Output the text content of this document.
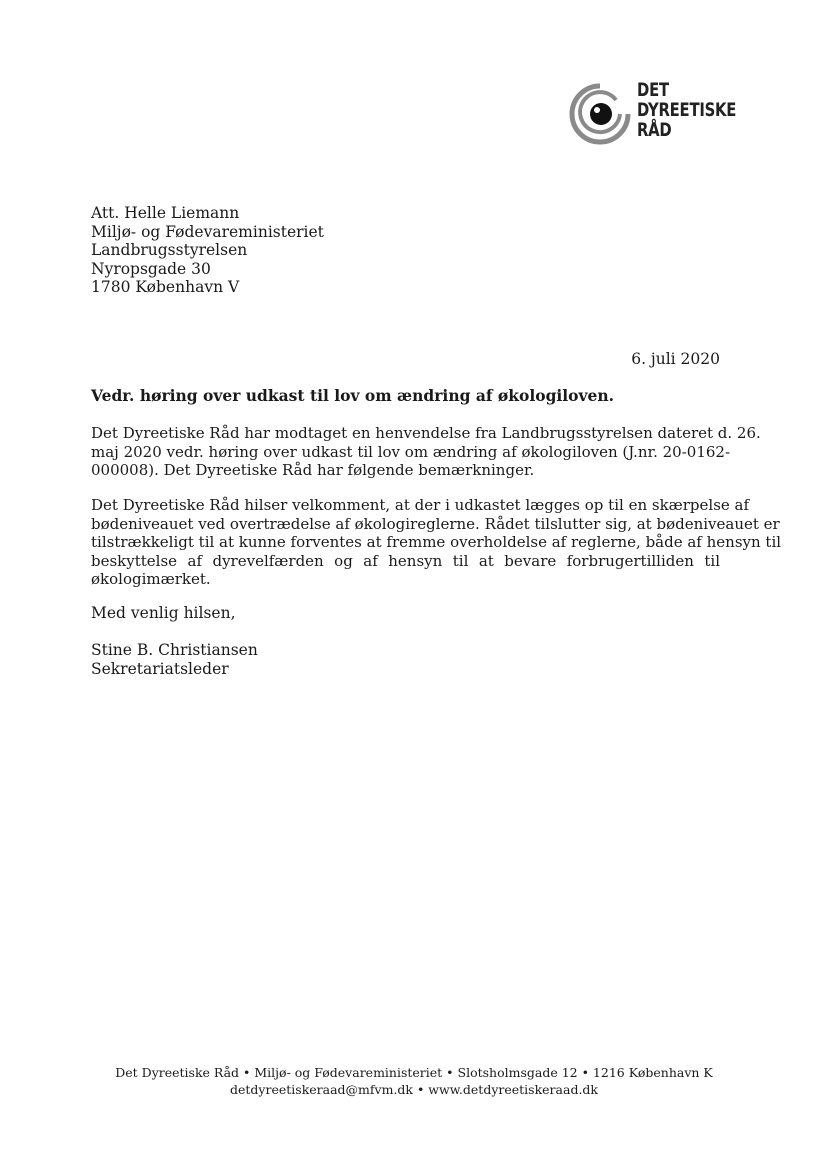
DET
DYREETISKE
RÅD
Att. Helle Liemann
Miljø- og Fødevareministeriet
Landbrugsstyrelsen
Nyropsgade 30
1780 København V
6. juli 2020
Vedr. høring over udkast til lov om ændring af økologiloven.
Det Dyreetiske Råd har modtaget en henvendelse fra Landbrugsstyrelsen dateret d. 26.
maj 2020 vedr. høring over udkast til lov om ændring af økologiloven (J.nr. 20-0162-
000008). Det Dyreetiske Råd har følgende bemærkninger.
Det Dyreetiske Råd hilser velkomment, at der i udkastet lægges op til en skærpelse af
bødeniveauet ved overtrædelse af økologireglerne. Rådet tilslutter sig, at bødeniveauet er
tilstrækkeligt til at kunne forventes at fremme overholdelse af reglerne, både af hensyn til
beskyttelse af dyrevelfærden og af hensyn til at bevare forbrugertilliden til
økologimærket.
Med venlig hilsen,
Stine B. Christiansen
Sekretariatsleder
Det Dyreetiske Råd • Miljø- og Fødevareministeriet • Slotsholmsgade 12 • 1216 København K
detdyreetiskeraad@mfvm.dk • www.detdyreetiskeraad.dk
